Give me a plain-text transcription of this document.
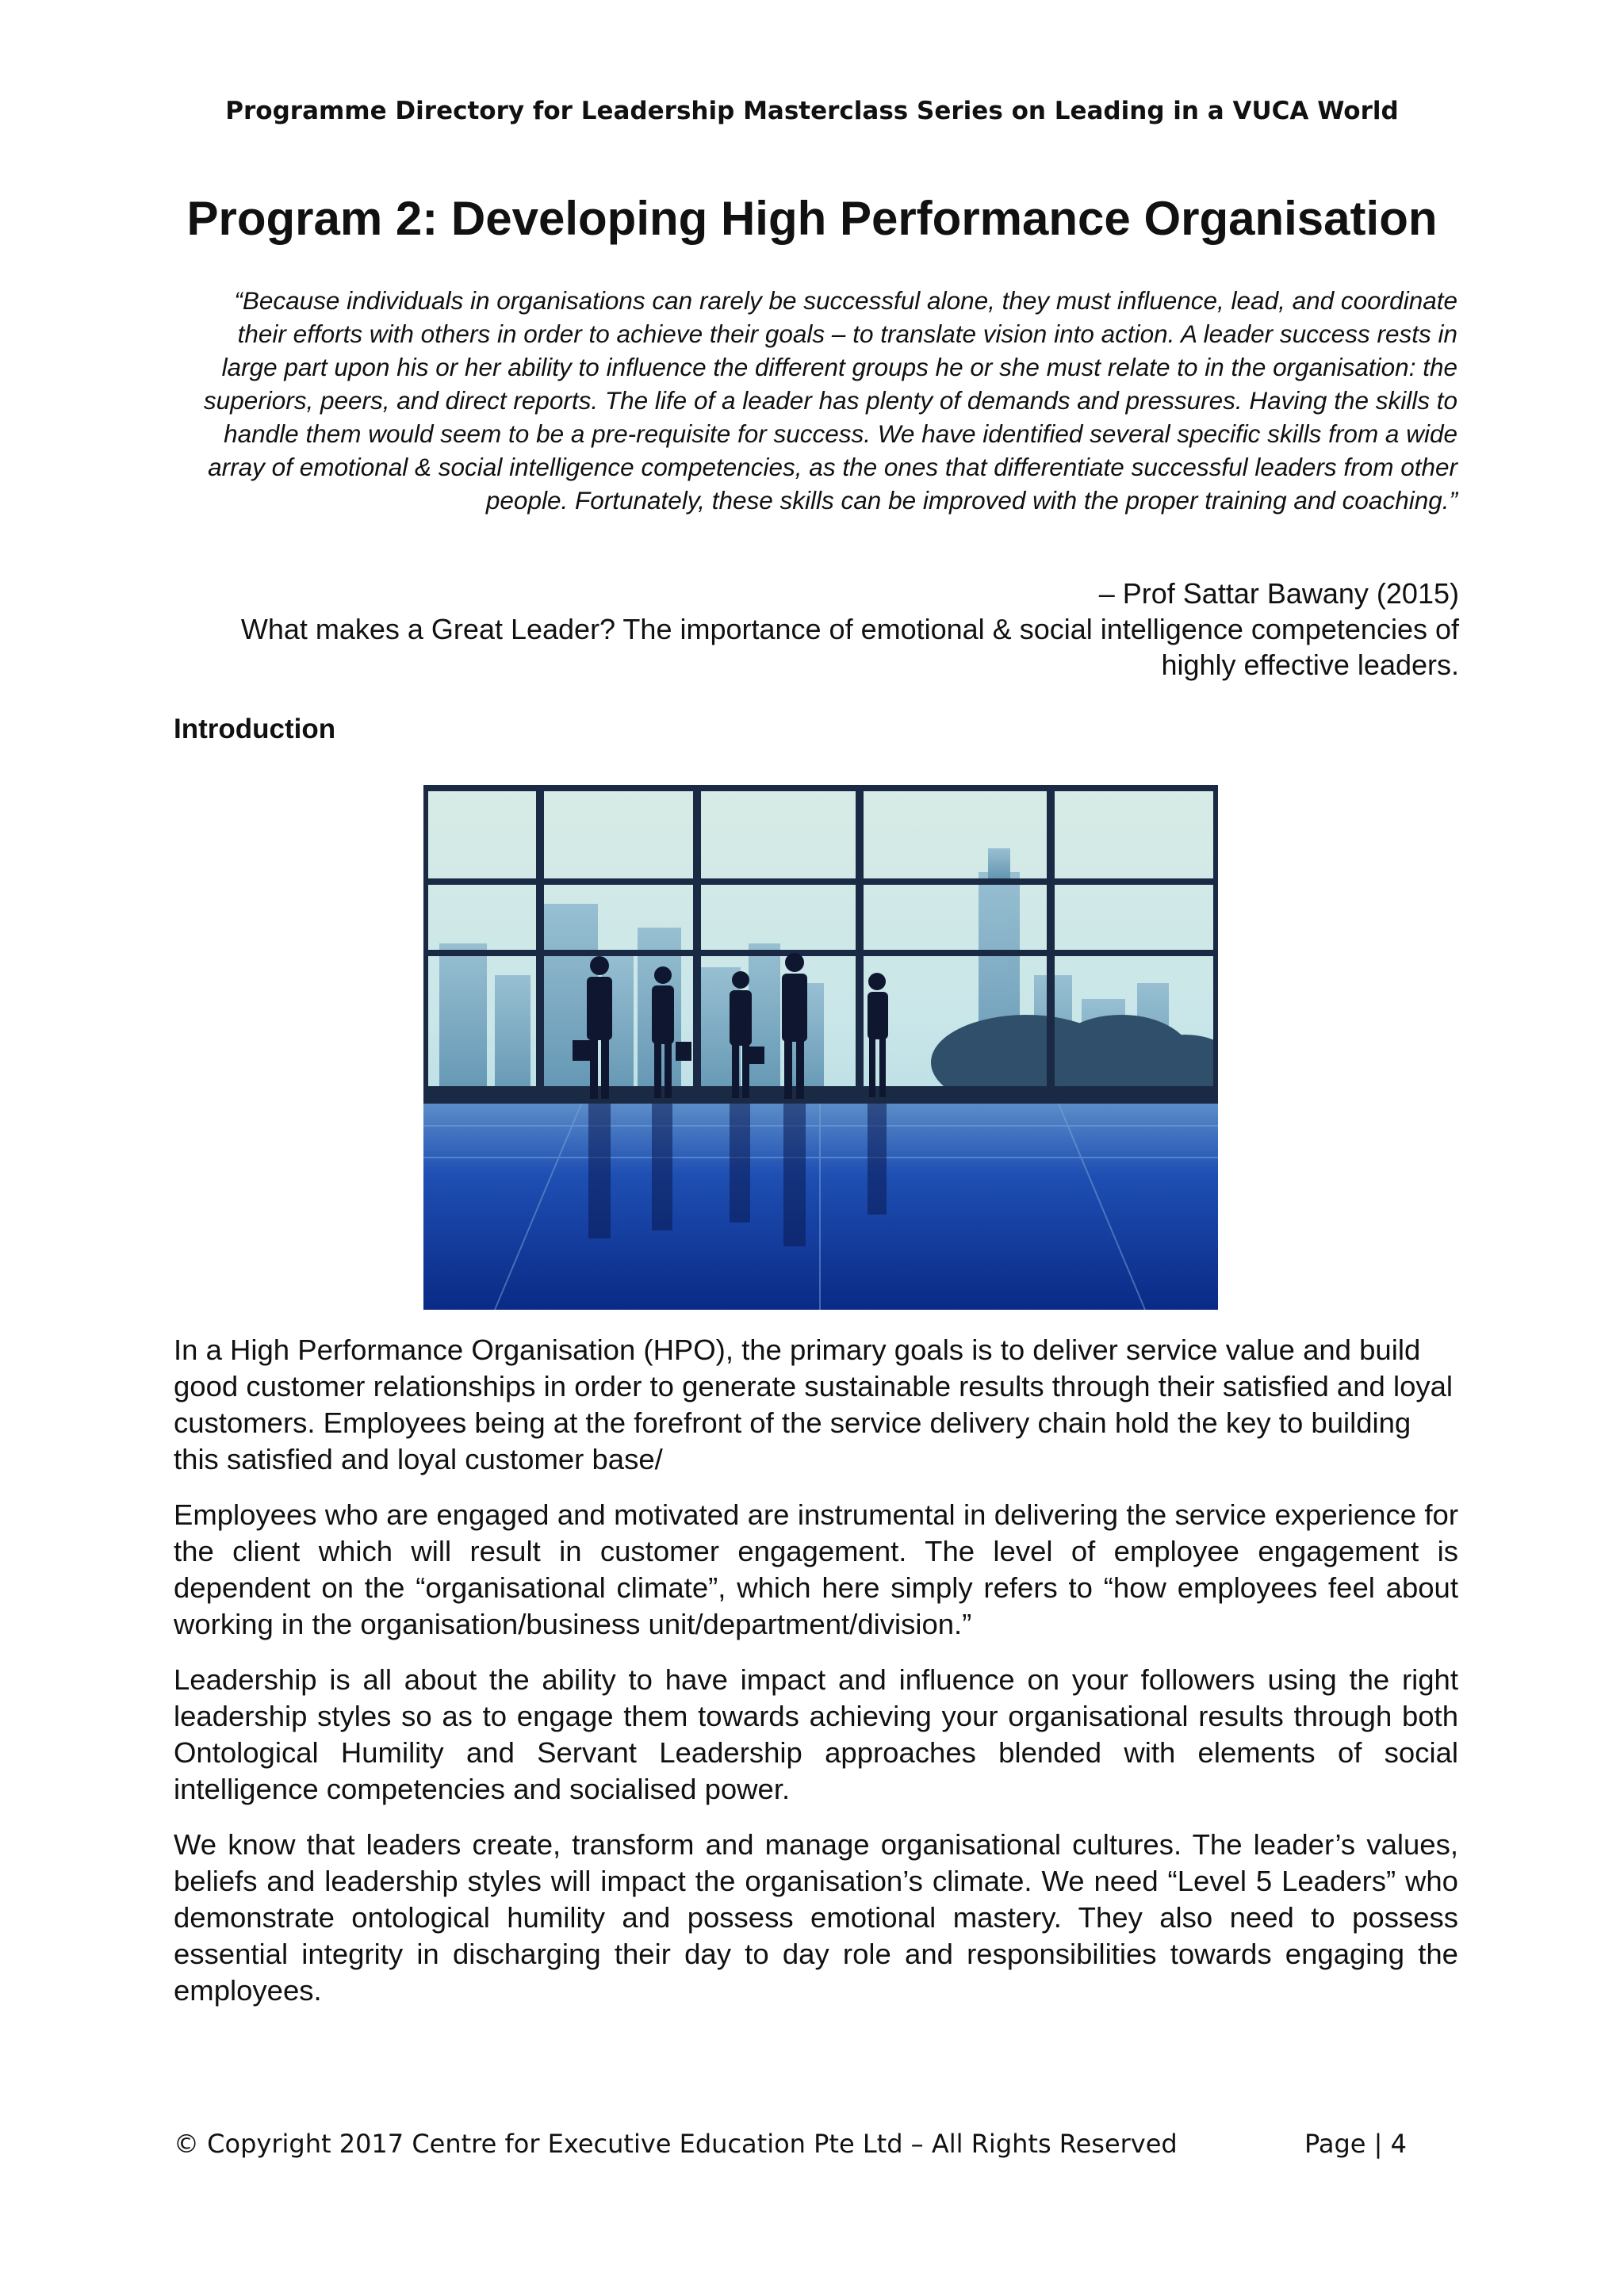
Programme Directory for Leadership Masterclass Series on Leading in a VUCA World
Program 2: Developing High Performance Organisation
“Because individuals in organisations can rarely be successful alone, they must influence, lead, and coordinate their efforts with others in order to achieve their goals – to translate vision into action. A leader success rests in large part upon his or her ability to influence the different groups he or she must relate to in the organisation: the superiors, peers, and direct reports. The life of a leader has plenty of demands and pressures. Having the skills to handle them would seem to be a pre-requisite for success. We have identified several specific skills from a wide array of emotional & social intelligence competencies, as the ones that differentiate successful leaders from other people. Fortunately, these skills can be improved with the proper training and coaching.”
– Prof Sattar Bawany (2015)
What makes a Great Leader? The importance of emotional & social intelligence competencies of highly effective leaders.
Introduction

In a High Performance Organisation (HPO), the primary goals is to deliver service value and build good customer relationships in order to generate sustainable results through their satisfied and loyal customers. Employees being at the forefront of the service delivery chain hold the key to building this satisfied and loyal customer base/

Employees who are engaged and motivated are instrumental in delivering the service experience for the client which will result in customer engagement. The level of employee engagement is dependent on the “organisational climate”, which here simply refers to “how employees feel about working in the organisation/business unit/department/division.”

Leadership is all about the ability to have impact and influence on your followers using the right leadership styles so as to engage them towards achieving your organisational results through both Ontological Humility and Servant Leadership approaches blended with elements of social intelligence competencies and socialised power.

We know that leaders create, transform and manage organisational cultures. The leader’s values, beliefs and leadership styles will impact the organisation’s climate. We need “Level 5 Leaders” who demonstrate ontological humility and possess emotional mastery. They also need to possess essential integrity in discharging their day to day role and responsibilities towards engaging the employees.

© Copyright 2017 Centre for Executive Education Pte Ltd – All Rights Reserved	Page | 4
